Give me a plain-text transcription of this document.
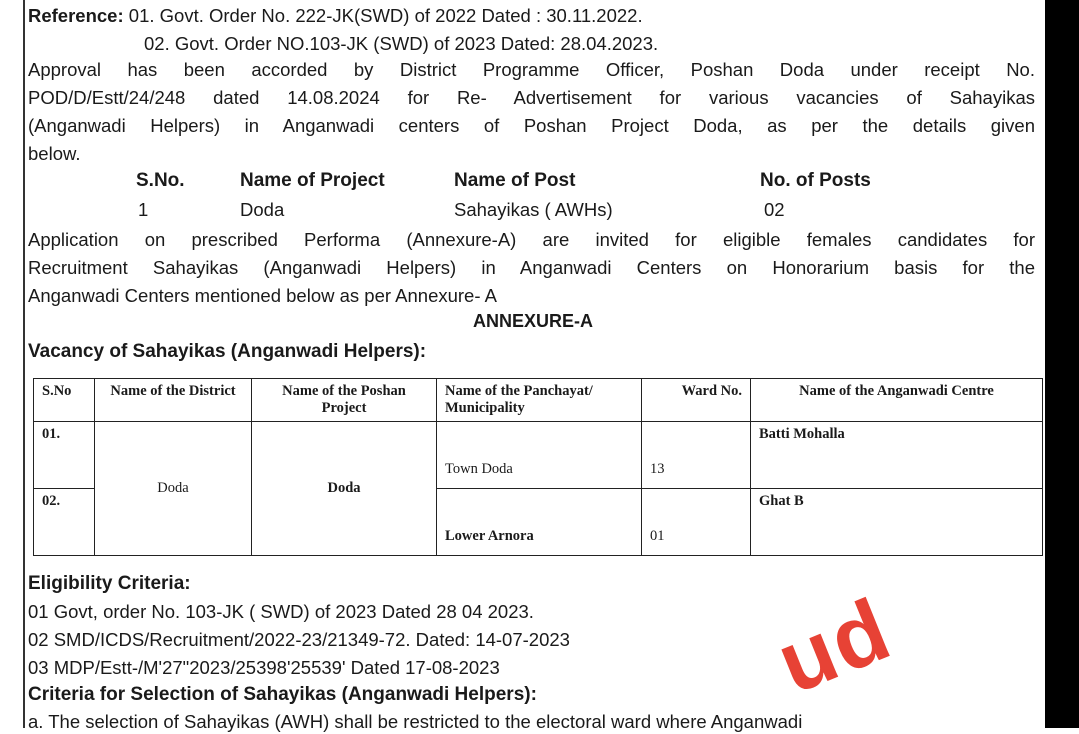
Reference: 01. Govt. Order No. 222-JK(SWD) of 2022 Dated : 30.11.2022.
02. Govt. Order NO.103-JK (SWD) of 2023 Dated: 28.04.2023.
Approval has been accorded by District Programme Officer, Poshan Doda under receipt No.
POD/D/Estt/24/248 dated 14.08.2024 for Re- Advertisement for various vacancies of Sahayikas
(Anganwadi Helpers) in Anganwadi centers of Poshan Project Doda, as per the details given
below.
S.No.	Name of Project	Name of Post	No. of Posts
1	Doda	Sahayikas ( AWHs)	02
Application on prescribed Performa (Annexure-A) are invited for eligible females candidates for
Recruitment Sahayikas (Anganwadi Helpers) in Anganwadi Centers on Honorarium basis for the
Anganwadi Centers mentioned below as per Annexure- A
ANNEXURE-A
Vacancy of Sahayikas (Anganwadi Helpers):
S.No	Name of the District	Name of the Poshan Project	Name of the Panchayat/ Municipality	Ward No.	Name of the Anganwadi Centre
01.	Doda	Doda	Town Doda	13	Batti Mohalla
02.			Lower Arnora	01	Ghat B
Eligibility Criteria:
01 Govt, order No. 103-JK ( SWD) of 2023 Dated 28 04 2023.
02 SMD/ICDS/Recruitment/2022-23/21349-72. Dated: 14-07-2023
03 MDP/Estt-/M'27"2023/25398'25539' Dated 17-08-2023
Criteria for Selection of Sahayikas (Anganwadi Helpers):
a. The selection of Sahayikas (AWH) shall be restricted to the electoral ward where Anganwadi
ud
